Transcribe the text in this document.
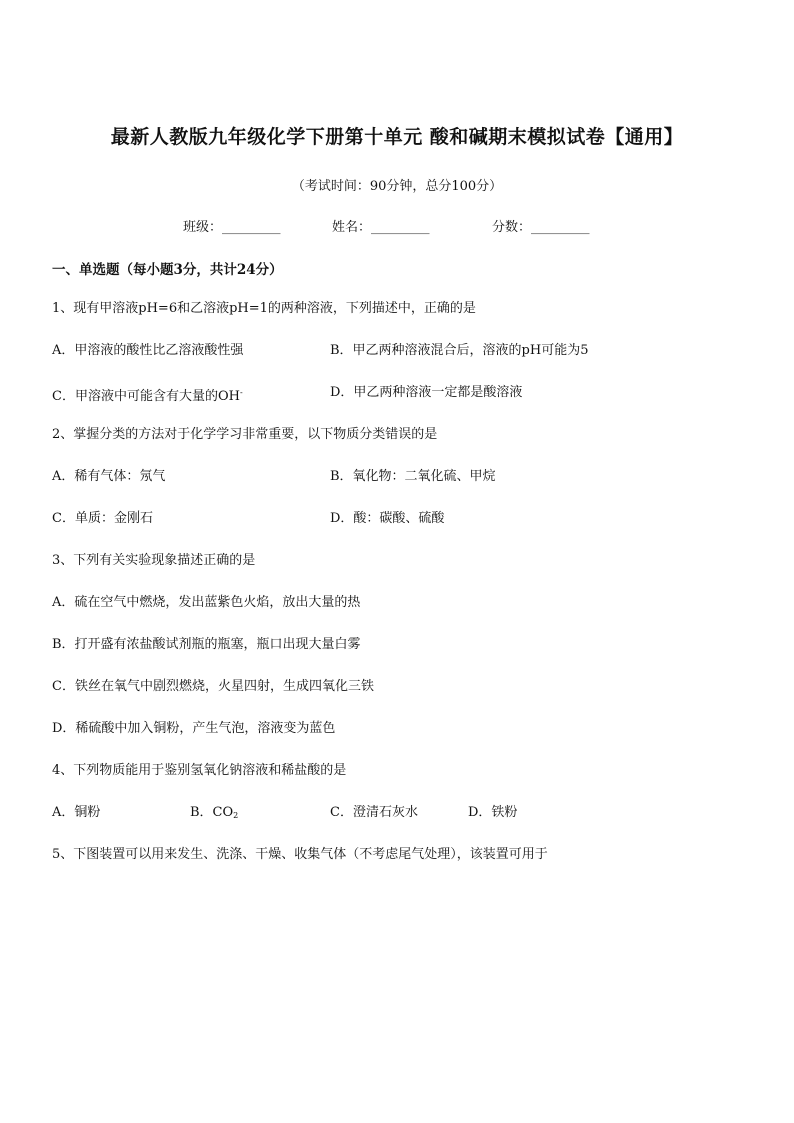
最新人教版九年级化学下册第十单元 酸和碱期末模拟试卷【通用】
（考试时间：90分钟，总分100分）
班级：_________	姓名：_________	分数：_________
一、单选题（每小题3分，共计24分）
1、现有甲溶液pH=6和乙溶液pH=1的两种溶液，下列描述中，正确的是
A．甲溶液的酸性比乙溶液酸性强	B．甲乙两种溶液混合后，溶液的pH可能为5
C．甲溶液中可能含有大量的OH-	D．甲乙两种溶液一定都是酸溶液
2、掌握分类的方法对于化学学习非常重要，以下物质分类错误的是
A．稀有气体：氖气	B．氧化物：二氧化硫、甲烷
C．单质：金刚石	D．酸：碳酸、硫酸
3、下列有关实验现象描述正确的是
A．硫在空气中燃烧，发出蓝紫色火焰，放出大量的热
B．打开盛有浓盐酸试剂瓶的瓶塞，瓶口出现大量白雾
C．铁丝在氧气中剧烈燃烧，火星四射，生成四氧化三铁
D．稀硫酸中加入铜粉，产生气泡，溶液变为蓝色
4、下列物质能用于鉴别氢氧化钠溶液和稀盐酸的是
A．铜粉	B．$CO_2$	C．澄清石灰水	D．铁粉
5、下图装置可以用来发生、洗涤、干燥、收集气体（不考虑尾气处理），该装置可用于
